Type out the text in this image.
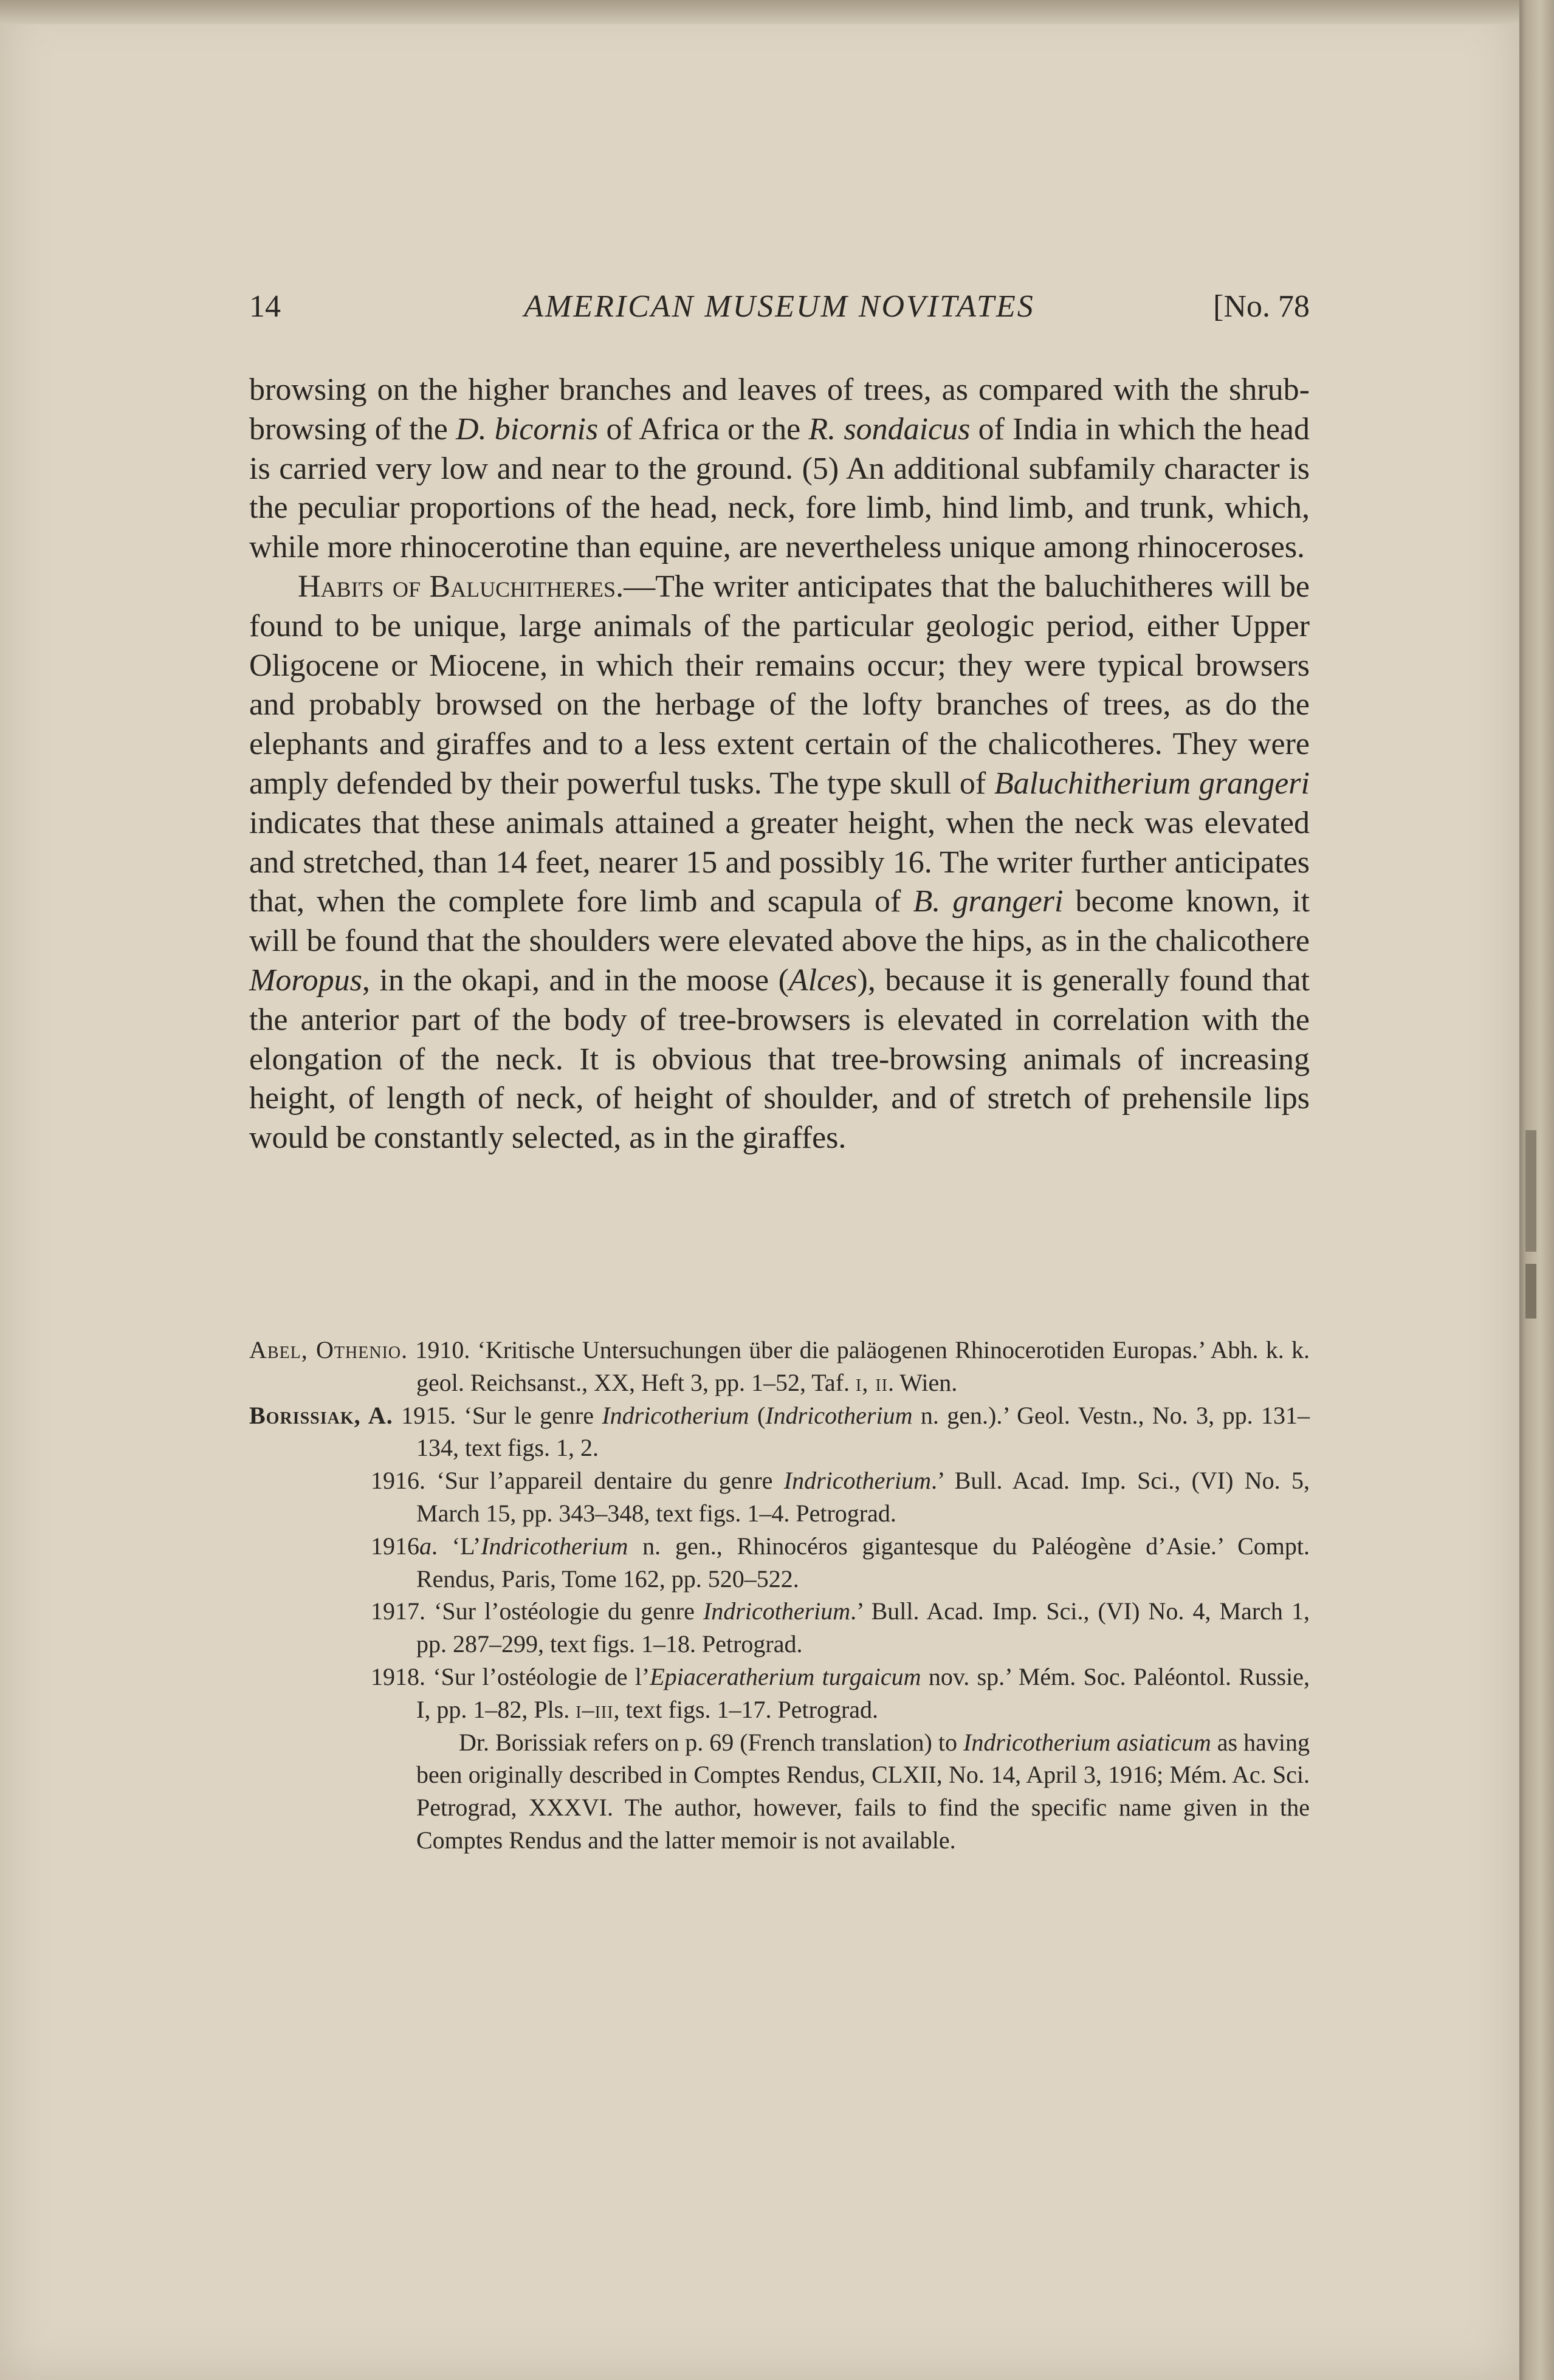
14	AMERICAN MUSEUM NOVITATES	[No. 78

browsing on the higher branches and leaves of trees, as compared with the shrub-browsing of the D. bicornis of Africa or the R. sondaicus of India in which the head is carried very low and near to the ground. (5) An additional subfamily character is the peculiar proportions of the head, neck, fore limb, hind limb, and trunk, which, while more rhinocerotine than equine, are nevertheless unique among rhinoceroses.

Habits of Baluchitheres.—The writer anticipates that the baluchitheres will be found to be unique, large animals of the particular geologic period, either Upper Oligocene or Miocene, in which their remains occur; they were typical browsers and probably browsed on the herbage of the lofty branches of trees, as do the elephants and giraffes and to a less extent certain of the chalicotheres. They were amply defended by their powerful tusks. The type skull of Baluchitherium grangeri indicates that these animals attained a greater height, when the neck was elevated and stretched, than 14 feet, nearer 15 and possibly 16. The writer further anticipates that, when the complete fore limb and scapula of B. grangeri become known, it will be found that the shoulders were elevated above the hips, as in the chalicothere Moropus, in the okapi, and in the moose (Alces), because it is generally found that the anterior part of the body of tree-browsers is elevated in correlation with the elongation of the neck. It is obvious that tree-browsing animals of increasing height, of length of neck, of height of shoulder, and of stretch of prehensile lips would be constantly selected, as in the giraffes.

Abel, Othenio. 1910. ‘Kritische Untersuchungen über die paläogenen Rhinocerotiden Europas.’ Abh. k. k. geol. Reichsanst., XX, Heft 3, pp. 1–52, Taf. i, ii. Wien.

Borissiak, A. 1915. ‘Sur le genre Indricotherium (Indricotherium n. gen.).’ Geol. Vestn., No. 3, pp. 131–134, text figs. 1, 2.

1916. ‘Sur l’appareil dentaire du genre Indricotherium.’ Bull. Acad. Imp. Sci., (VI) No. 5, March 15, pp. 343–348, text figs. 1–4. Petrograd.

1916a. ‘L’Indricotherium n. gen., Rhinocéros gigantesque du Paléogène d’Asie.’ Compt. Rendus, Paris, Tome 162, pp. 520–522.

1917. ‘Sur l’ostéologie du genre Indricotherium.’ Bull. Acad. Imp. Sci., (VI) No. 4, March 1, pp. 287–299, text figs. 1–18. Petrograd.

1918. ‘Sur l’ostéologie de l’Epiaceratherium turgaicum nov. sp.’ Mém. Soc. Paléontol. Russie, I, pp. 1–82, Pls. i–iii, text figs. 1–17. Petrograd.

Dr. Borissiak refers on p. 69 (French translation) to Indricotherium asiaticum as having been originally described in Comptes Rendus, CLXII, No. 14, April 3, 1916; Mém. Ac. Sci. Petrograd, XXXVI. The author, however, fails to find the specific name given in the Comptes Rendus and the latter memoir is not available.
